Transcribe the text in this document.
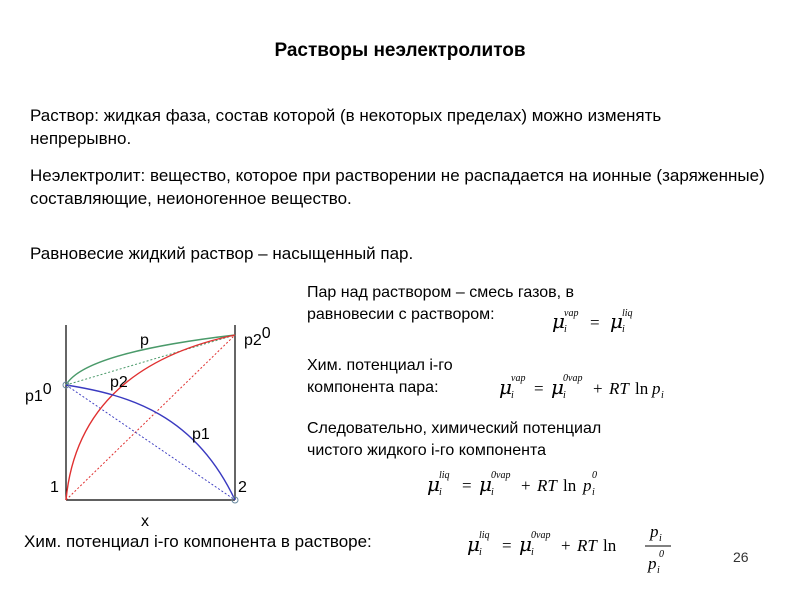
Растворы неэлектролитов
Раствор: жидкая фаза, состав которой (в некоторых пределах) можно изменять непрерывно.
Неэлектролит: вещество, которое при растворении не распадается на ионные (заряженные) составляющие, неионогенное вещество.
Равновесие жидкий раствор – насыщенный пар.
p	p20
p2
p10
p1
1	2
x
Пар над раствором – смесь газов, в равновесии с раствором:
Хим. потенциал i-го компонента пара:
Следовательно, химический потенциал чистого жидкого i-го компонента
μ i
vap = μ i
liq
μ i
vap
= μ i
0vap
+ RT ln p i
μ i
liq
= μ i
0vap
+ RT ln p i
0
Хим. потенциал i-го компонента в растворе:	μ i
liq
= μ i
0vap
+ RT ln
p i
p i
0	26
